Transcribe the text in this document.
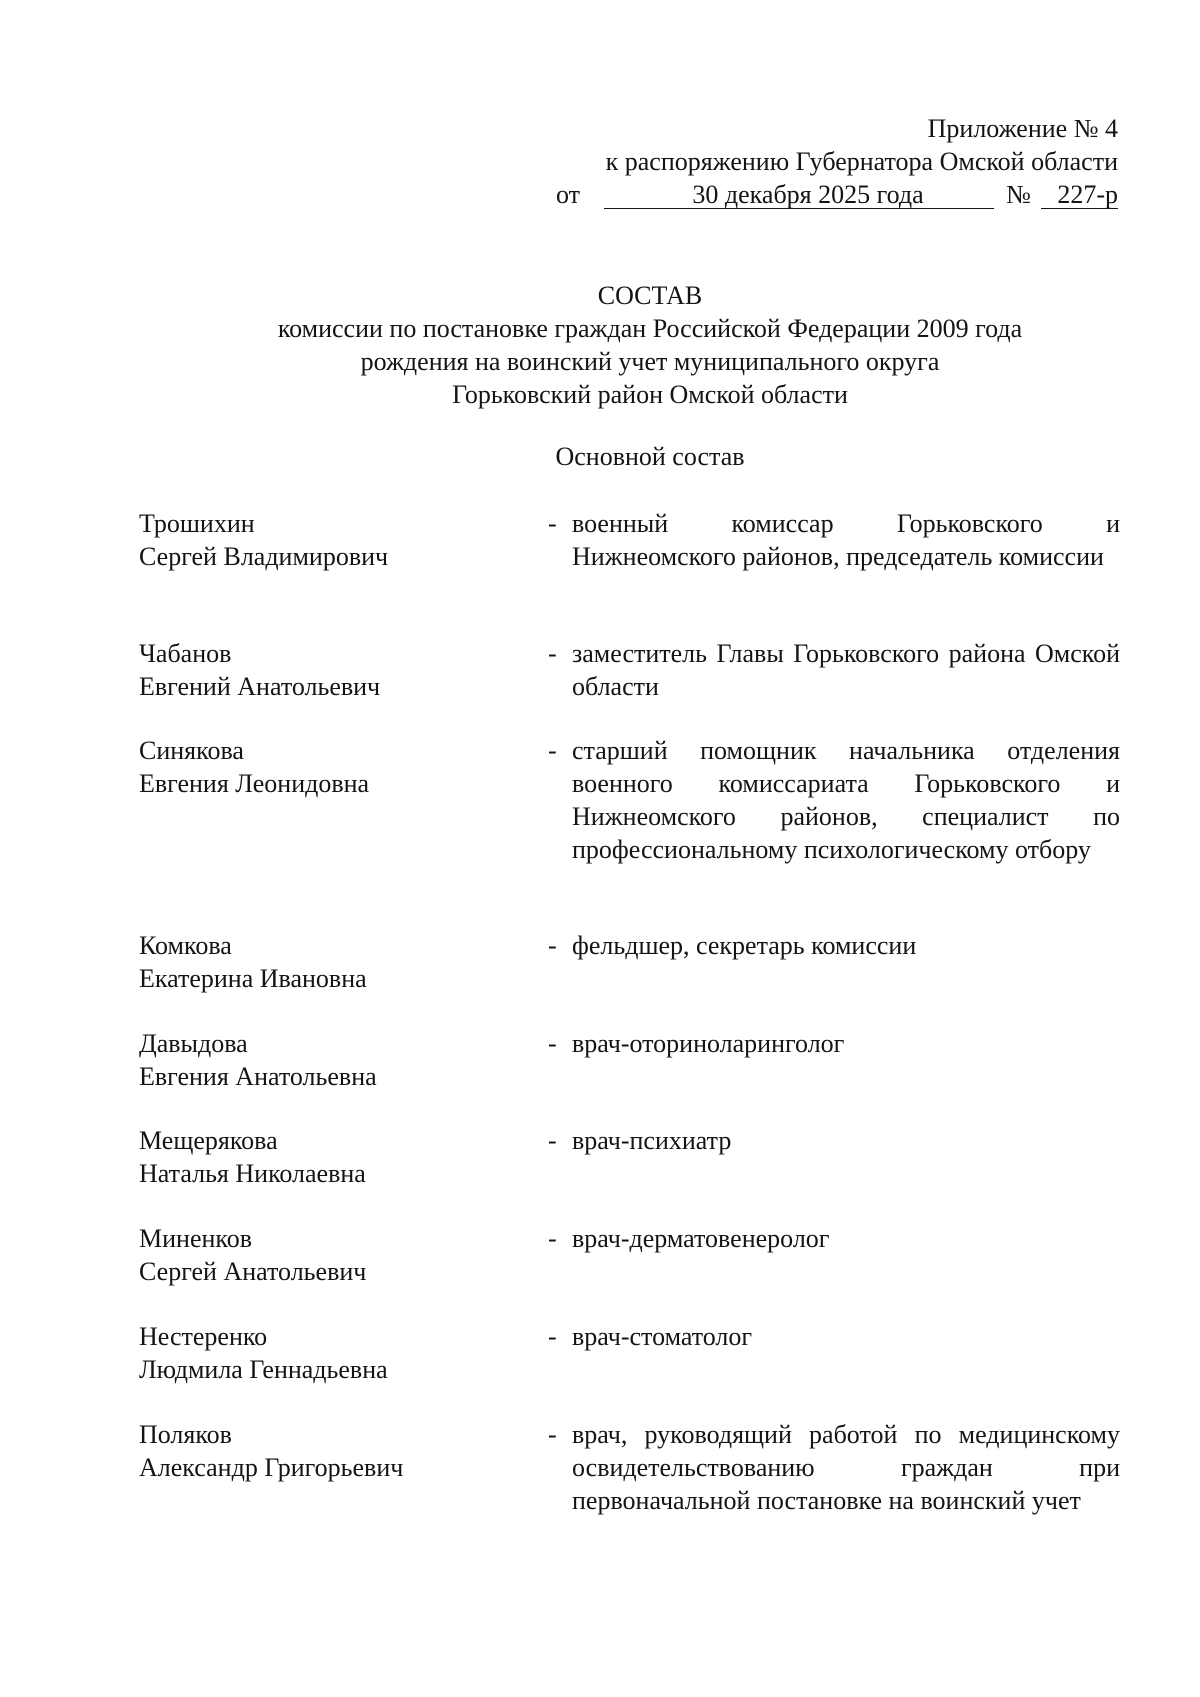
Приложение № 4
к распоряжению Губернатора Омской области
от	30 декабря 2025 года	№	227-р
СОСТАВ
комиссии по постановке граждан Российской Федерации 2009 года
рождения на воинский учет муниципального округа
Горьковский район Омской области
Основной состав
Трошихин
Сергей Владимирович
- военный комиссар Горьковского и Нижнеомского районов, председатель комиссии
Чабанов
Евгений Анатольевич
- заместитель Главы Горьковского района Омской области
Синякова
Евгения Леонидовна
- старший помощник начальника отделения военного комиссариата Горьковского и Нижнеомского районов, специалист по профессиональному психологическому отбору
Комкова
Екатерина Ивановна
- фельдшер, секретарь комиссии
Давыдова
Евгения Анатольевна
- врач-оториноларинголог
Мещерякова
Наталья Николаевна
- врач-психиатр
Миненков
Сергей Анатольевич
- врач-дерматовенеролог
Нестеренко
Людмила Геннадьевна
- врач-стоматолог
Поляков
Александр Григорьевич
- врач, руководящий работой по медицинскому освидетельствованию граждан при первоначальной постановке на воинский учет
